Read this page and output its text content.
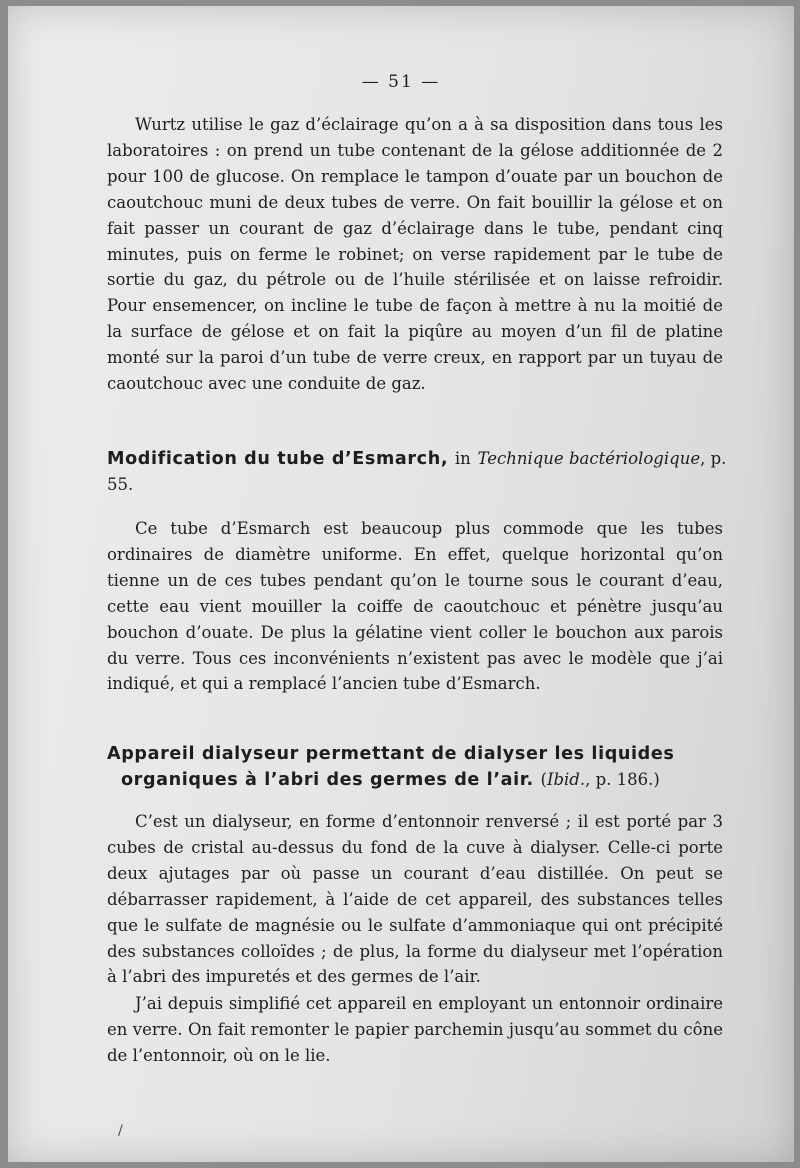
— 51 —

Wurtz utilise le gaz d’éclairage qu’on a à sa disposition dans tous les laboratoires : on prend un tube contenant de la gélose additionnée de 2 pour 100 de glucose. On remplace le tampon d’ouate par un bouchon de caoutchouc muni de deux tubes de verre. On fait bouillir la gélose et on fait passer un courant de gaz d’éclairage dans le tube, pendant cinq minutes, puis on ferme le robinet; on verse rapidement par le tube de sortie du gaz, du pétrole ou de l’huile stérilisée et on laisse refroidir. Pour ensemencer, on incline le tube de façon à mettre à nu la moitié de la surface de gélose et on fait la piqûre au moyen d’un fil de platine monté sur la paroi d’un tube de verre creux, en rapport par un tuyau de caoutchouc avec une conduite de gaz.

Modification du tube d’Esmarch, in Technique bactériologique, p. 55.

Ce tube d’Esmarch est beaucoup plus commode que les tubes ordinaires de diamètre uniforme. En effet, quelque horizontal qu’on tienne un de ces tubes pendant qu’on le tourne sous le courant d’eau, cette eau vient mouiller la coiffe de caoutchouc et pénètre jusqu’au bouchon d’ouate. De plus la gélatine vient coller le bouchon aux parois du verre. Tous ces inconvénients n’existent pas avec le modèle que j’ai indiqué, et qui a remplacé l’ancien tube d’Esmarch.

Appareil dialyseur permettant de dialyser les liquides
organiques à l’abri des germes de l’air. (Ibid., p. 186.)

C’est un dialyseur, en forme d’entonnoir renversé ; il est porté par 3 cubes de cristal au-dessus du fond de la cuve à dialyser. Celle-ci porte deux ajutages par où passe un courant d’eau distillée. On peut se débarrasser rapidement, à l’aide de cet appareil, des substances telles que le sulfate de magnésie ou le sulfate d’ammoniaque qui ont précipité des substances colloïdes ; de plus, la forme du dialyseur met l’opération à l’abri des impuretés et des germes de l’air.

J’ai depuis simplifié cet appareil en employant un entonnoir ordinaire en verre. On fait remonter le papier parchemin jusqu’au sommet du cône de l’entonnoir, où on le lie.

/
